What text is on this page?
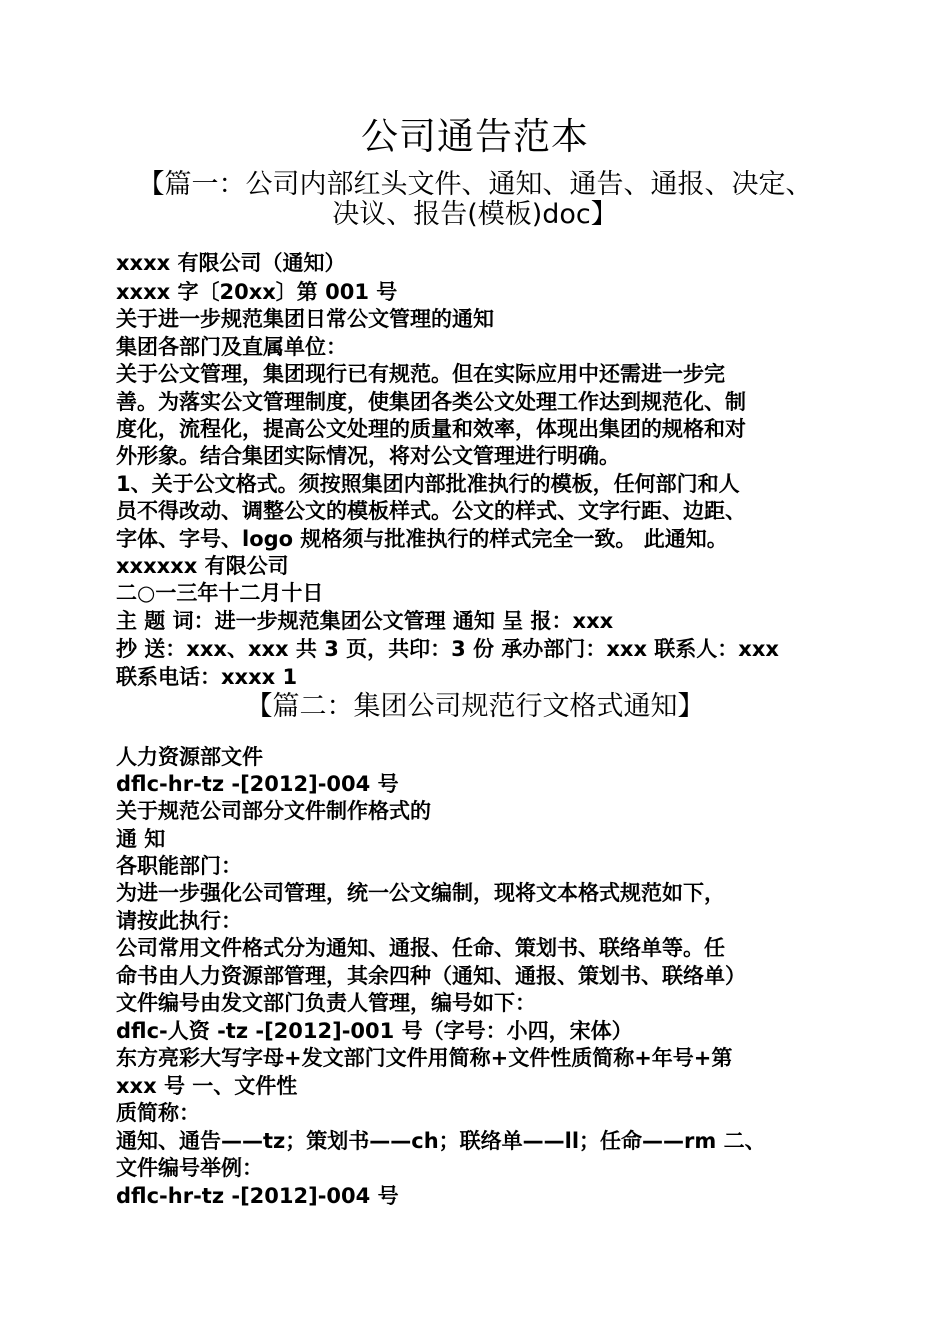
公司通告范本
【篇一：公司内部红头文件、通知、通告、通报、决定、
决议、报告(模板)doc】
xxxx 有限公司（通知）
xxxx 字〔20xx〕第 001 号
关于进一步规范集团日常公文管理的通知
集团各部门及直属单位：
关于公文管理，集团现行已有规范。但在实际应用中还需进一步完
善。为落实公文管理制度，使集团各类公文处理工作达到规范化、制
度化，流程化，提高公文处理的质量和效率，体现出集团的规格和对
外形象。结合集团实际情况，将对公文管理进行明确。
1、关于公文格式。须按照集团内部批准执行的模板，任何部门和人
员不得改动、调整公文的模板样式。公文的样式、文字行距、边距、
字体、字号、logo 规格须与批准执行的样式完全一致。 此通知。
xxxxxx 有限公司
二○一三年十二月十日
主 题 词：进一步规范集团公文管理 通知 呈 报：xxx
抄 送：xxx、xxx 共 3 页，共印：3 份 承办部门：xxx 联系人：xxx
联系电话：xxxx 1
【篇二：集团公司规范行文格式通知】
人力资源部文件
dflc-hr-tz -[2012]-004 号
关于规范公司部分文件制作格式的
通 知
各职能部门：
为进一步强化公司管理，统一公文编制，现将文本格式规范如下，
请按此执行：
公司常用文件格式分为通知、通报、任命、策划书、联络单等。任
命书由人力资源部管理，其余四种（通知、通报、策划书、联络单）
文件编号由发文部门负责人管理，编号如下：
dflc-人资 -tz -[2012]-001 号（字号：小四，宋体）
东方亮彩大写字母+发文部门文件用简称+文件性质简称+年号+第
xxx 号 一、文件性
质简称：
通知、通告——tz；策划书——ch；联络单——ll；任命——rm 二、
文件编号举例：
dflc-hr-tz -[2012]-004 号
